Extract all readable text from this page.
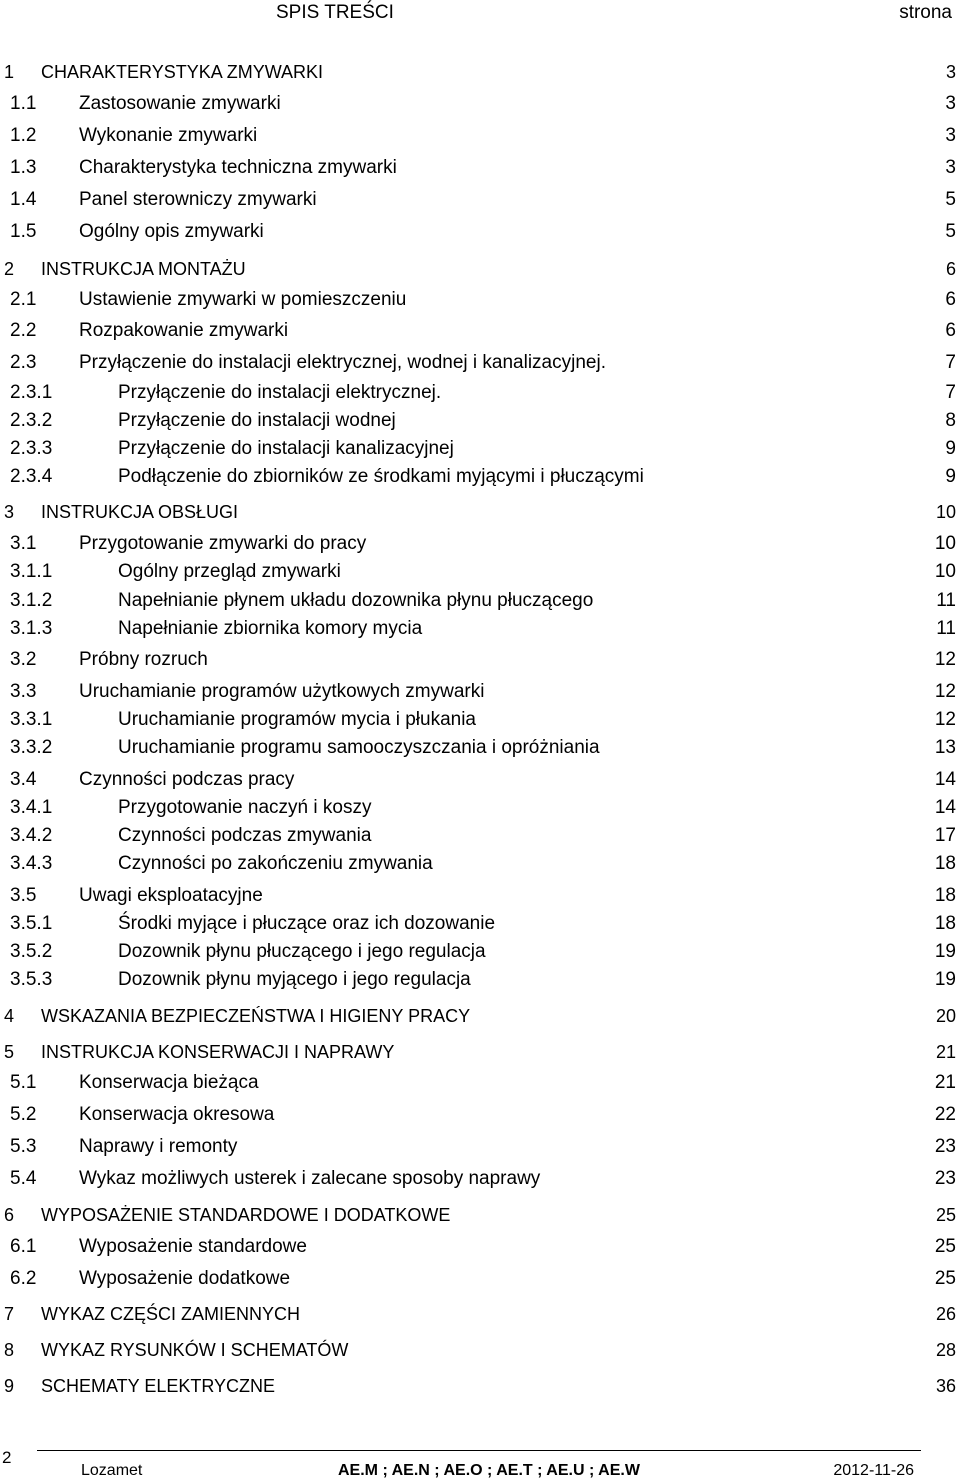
SPIS TREŚCI	strona
1 CHARAKTERYSTYKA ZMYWARKI	3
1.1 Zastosowanie zmywarki	3
1.2 Wykonanie zmywarki	3
1.3 Charakterystyka techniczna zmywarki	3
1.4 Panel sterowniczy zmywarki	5
1.5 Ogólny opis zmywarki	5
2 INSTRUKCJA MONTAŻU	6
2.1 Ustawienie zmywarki w pomieszczeniu	6
2.2 Rozpakowanie zmywarki	6
2.3 Przyłączenie do instalacji elektrycznej, wodnej i kanalizacyjnej.	7
2.3.1	Przyłączenie do instalacji elektrycznej.	7
2.3.2	Przyłączenie do instalacji wodnej	8
2.3.3	Przyłączenie do instalacji kanalizacyjnej	9
2.3.4	Podłączenie do zbiorników ze środkami myjącymi i płuczącymi	9
3 INSTRUKCJA OBSŁUGI	10
3.1 Przygotowanie zmywarki do pracy	10
3.1.1	Ogólny przegląd zmywarki	10
3.1.2	Napełnianie płynem układu dozownika płynu płuczącego	11
3.1.3	Napełnianie zbiornika komory mycia	11
3.2 Próbny rozruch	12
3.3 Uruchamianie programów użytkowych zmywarki	12
3.3.1	Uruchamianie programów mycia i płukania	12
3.3.2	Uruchamianie programu samooczyszczania i opróżniania	13
3.4 Czynności podczas pracy	14
3.4.1	Przygotowanie naczyń i koszy	14
3.4.2	Czynności podczas zmywania	17
3.4.3	Czynności po zakończeniu zmywania	18
3.5 Uwagi eksploatacyjne	18
3.5.1	Środki myjące i płuczące oraz ich dozowanie	18
3.5.2	Dozownik płynu płuczącego i jego regulacja	19
3.5.3	Dozownik płynu myjącego i jego regulacja	19
4 WSKAZANIA BEZPIECZEŃSTWA I HIGIENY PRACY	20
5 INSTRUKCJA KONSERWACJI I NAPRAWY	21
5.1 Konserwacja bieżąca	21
5.2 Konserwacja okresowa	22
5.3 Naprawy i remonty	23
5.4 Wykaz możliwych usterek i zalecane sposoby naprawy	23
6 WYPOSAŻENIE STANDARDOWE I DODATKOWE	25
6.1 Wyposażenie standardowe	25
6.2 Wyposażenie dodatkowe	25
7 WYKAZ CZĘŚCI ZAMIENNYCH	26
8 WYKAZ RYSUNKÓW I SCHEMATÓW	28
9 SCHEMATY ELEKTRYCZNE	36
2
Lozamet	AE.M ; AE.N ; AE.O ; AE.T ; AE.U ; AE.W	2012-11-26
